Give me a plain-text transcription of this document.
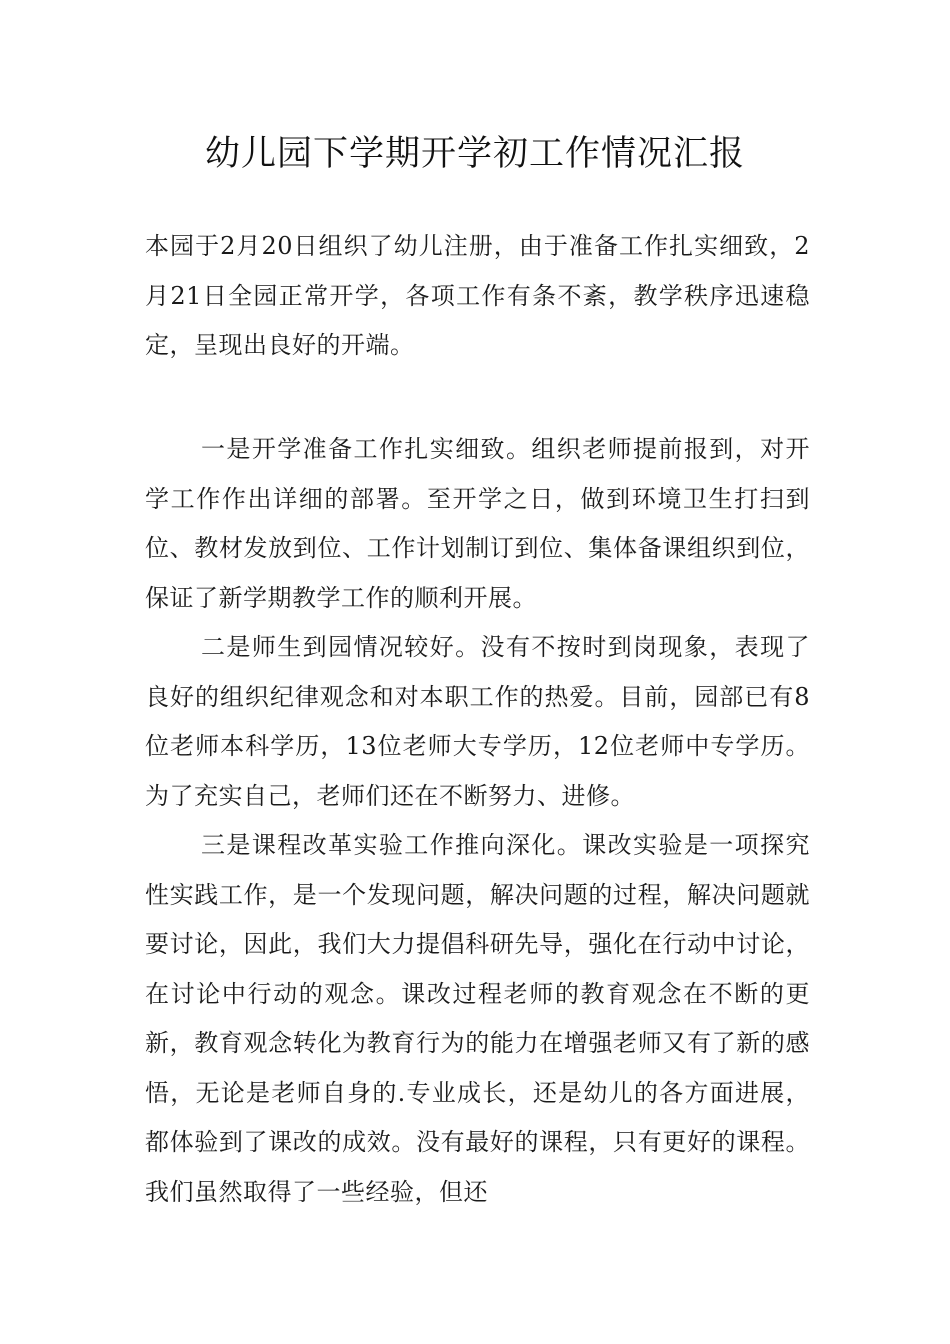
幼儿园下学期开学初工作情况汇报

本园于2月20日组织了幼儿注册，由于准备工作扎实细致，2月21日全园正常开学，各项工作有条不紊，教学秩序迅速稳定，呈现出良好的开端。

一是开学准备工作扎实细致。组织老师提前报到，对开学工作作出详细的部署。至开学之日，做到环境卫生打扫到位、教材发放到位、工作计划制订到位、集体备课组织到位，保证了新学期教学工作的顺利开展。

二是师生到园情况较好。没有不按时到岗现象，表现了良好的组织纪律观念和对本职工作的热爱。目前，园部已有8位老师本科学历，13位老师大专学历，12位老师中专学历。为了充实自己，老师们还在不断努力、进修。

三是课程改革实验工作推向深化。课改实验是一项探究性实践工作，是一个发现问题，解决问题的过程，解决问题就要讨论，因此，我们大力提倡科研先导，强化在行动中讨论，在讨论中行动的观念。课改过程老师的教育观念在不断的更新，教育观念转化为教育行为的能力在增强老师又有了新的感悟，无论是老师自身的.专业成长，还是幼儿的各方面进展，都体验到了课改的成效。没有最好的课程，只有更好的课程。我们虽然取得了一些经验，但还
